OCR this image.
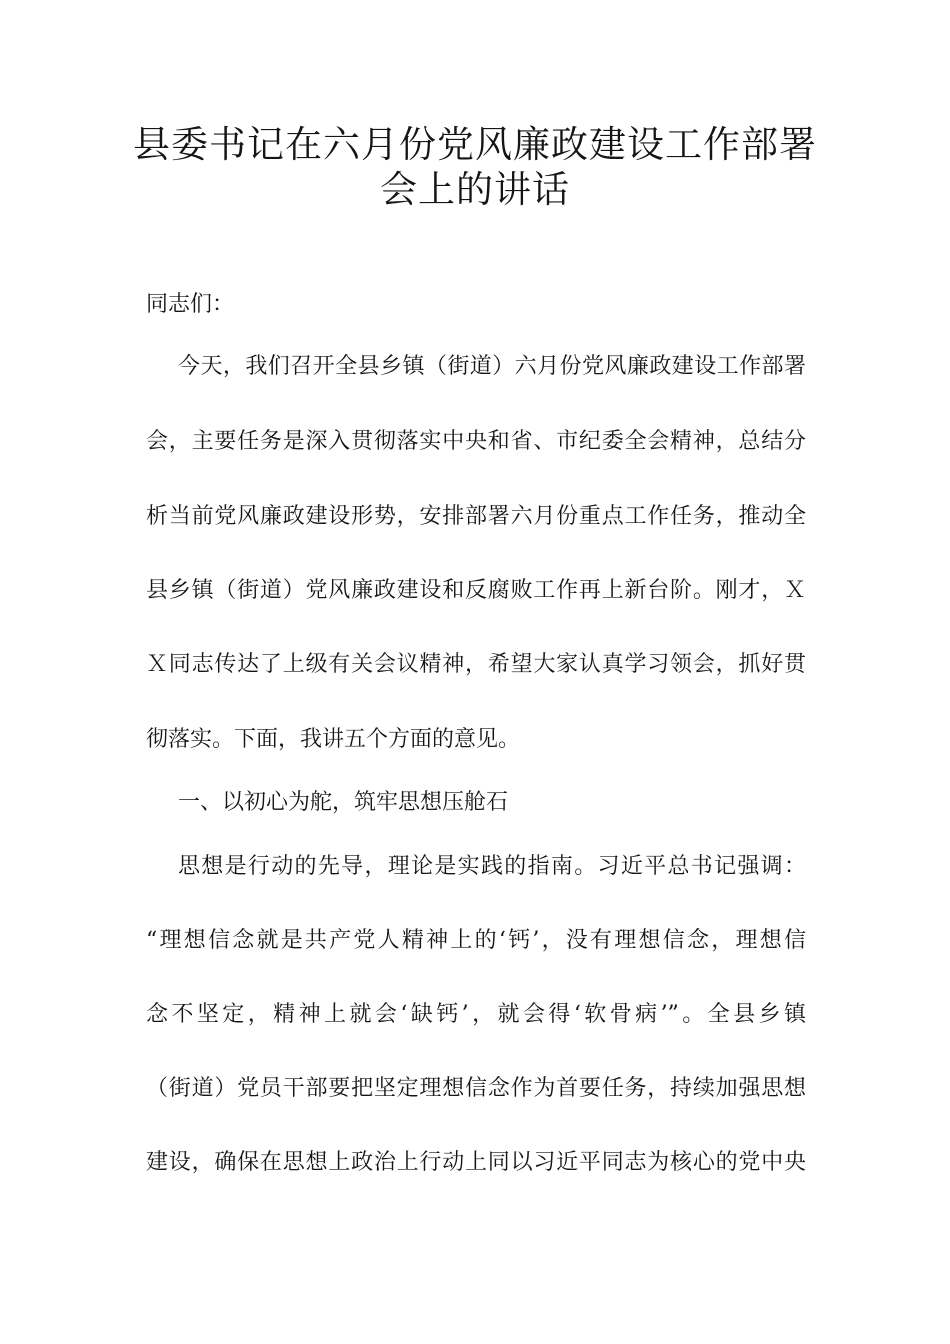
县委书记在六月份党风廉政建设工作部署
会上的讲话
同志们：
今天，我们召开全县乡镇（街道）六月份党风廉政建设工作部署
会，主要任务是深入贯彻落实中央和省、市纪委全会精神，总结分
析当前党风廉政建设形势，安排部署六月份重点工作任务，推动全
县乡镇（街道）党风廉政建设和反腐败工作再上新台阶。刚才，Ｘ
Ｘ同志传达了上级有关会议精神，希望大家认真学习领会，抓好贯
彻落实。下面，我讲五个方面的意见。
一、以初心为舵，筑牢思想压舱石
思想是行动的先导，理论是实践的指南。习近平总书记强调：
“理想信念就是共产党人精神上的‘钙’，没有理想信念，理想信
念不坚定，精神上就会‘缺钙’，就会得‘软骨病’”。全县乡镇
（街道）党员干部要把坚定理想信念作为首要任务，持续加强思想
建设，确保在思想上政治上行动上同以习近平同志为核心的党中央
